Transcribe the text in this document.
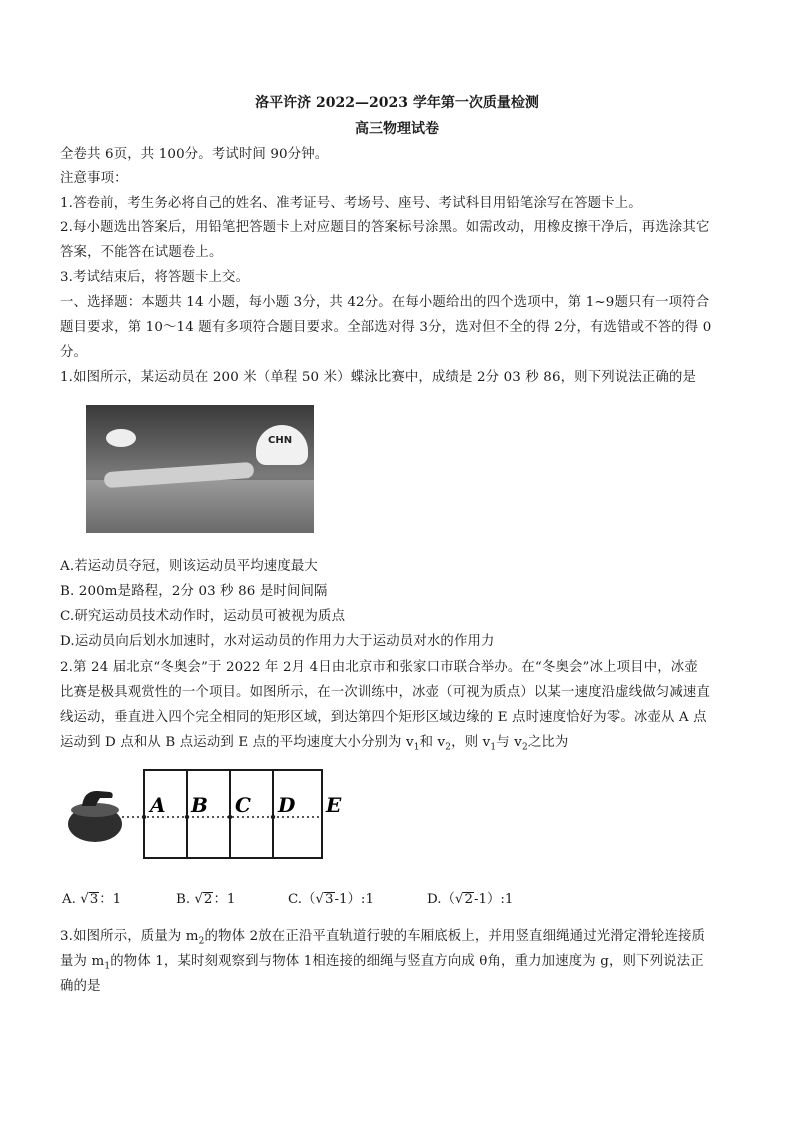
洛平许济 2022—2023 学年第一次质量检测
高三物理试卷
全卷共 6页，共 100分。考试时间 90分钟。
注意事项：
1.答卷前，考生务必将自己的姓名、准考证号、考场号、座号、考试科目用铅笔涂写在答题卡上。
2.每小题选出答案后，用铅笔把答题卡上对应题目的答案标号涂黑。如需改动，用橡皮擦干净后，再选涂其它
答案，不能答在试题卷上。
3.考试结束后，将答题卡上交。
一、选择题：本题共 14 小题，每小题 3分，共 42分。在每小题给出的四个选项中，第 1~9题只有一项符合
题目要求，第 10～14 题有多项符合题目要求。全部选对得 3分，选对但不全的得 2分，有选错或不答的得 0
分。
1.如图所示，某运动员在 200 米（单程 50 米）蝶泳比赛中，成绩是 2分 03 秒 86，则下列说法正确的是
CHN
A.若运动员夺冠，则该运动员平均速度最大
B. 200m是路程，2分 03 秒 86 是时间间隔
C.研究运动员技术动作时，运动员可被视为质点
D.运动员向后划水加速时，水对运动员的作用力大于运动员对水的作用力
2.第 24 届北京“冬奥会”于 2022 年 2月 4日由北京市和张家口市联合举办。在“冬奥会”冰上项目中，冰壶
比赛是极具观赏性的一个项目。如图所示，在一次训练中，冰壶（可视为质点）以某一速度沿虚线做匀减速直
线运动，垂直进入四个完全相同的矩形区域，到达第四个矩形区域边缘的 E 点时速度恰好为零。冰壶从 A 点
运动到 D 点和从 B 点运动到 E 点的平均速度大小分别为 $v_1$和 $v_2$，则 $v_1$与 $v_2$之比为
A B C D E
A. √3：1	B. √2：1	C.（√3-1）:1	D.（√2-1）:1
3.如图所示，质量为 $m_2$的物体 2放在正沿平直轨道行驶的车厢底板上，并用竖直细绳通过光滑定滑轮连接质
量为 $m_1$的物体 1，某时刻观察到与物体 1相连接的细绳与竖直方向成 θ角，重力加速度为 g，则下列说法正
确的是
